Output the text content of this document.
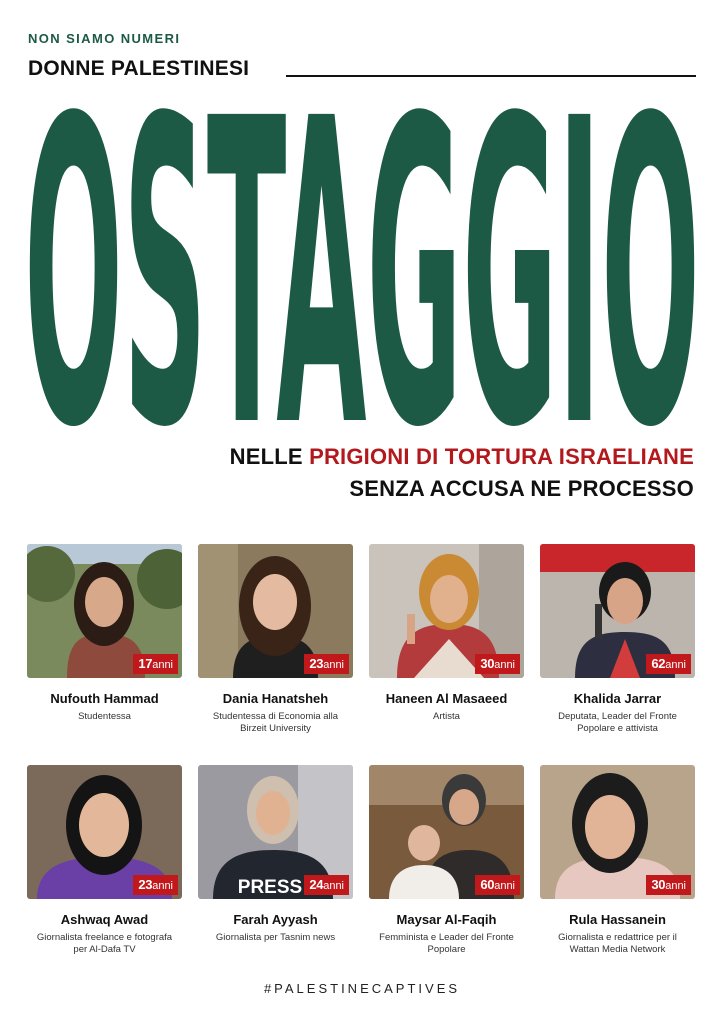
NON SIAMO NUMERI
DONNE PALESTINESI
OSTAGGIO
NELLE PRIGIONI DI TORTURA ISRAELIANE
SENZA ACCUSA NE PROCESSO
17anni
Nufouth Hammad
Studentessa
23anni
Dania Hanatsheh
Studentessa di Economia alla Birzeit University
30anni
Haneen Al Masaeed
Artista
62anni
Khalida Jarrar
Deputata, Leader del Fronte Popolare e attivista
23anni
Ashwaq Awad
Giornalista freelance e fotografa per Al-Dafa TV
PRESS 24anni
Farah Ayyash
Giornalista per Tasnim news
60anni
Maysar Al-Faqih
Femminista e Leader del Fronte Popolare
30anni
Rula Hassanein
Giornalista e redattrice per il Wattan Media Network
#PALESTINECAPTIVES
